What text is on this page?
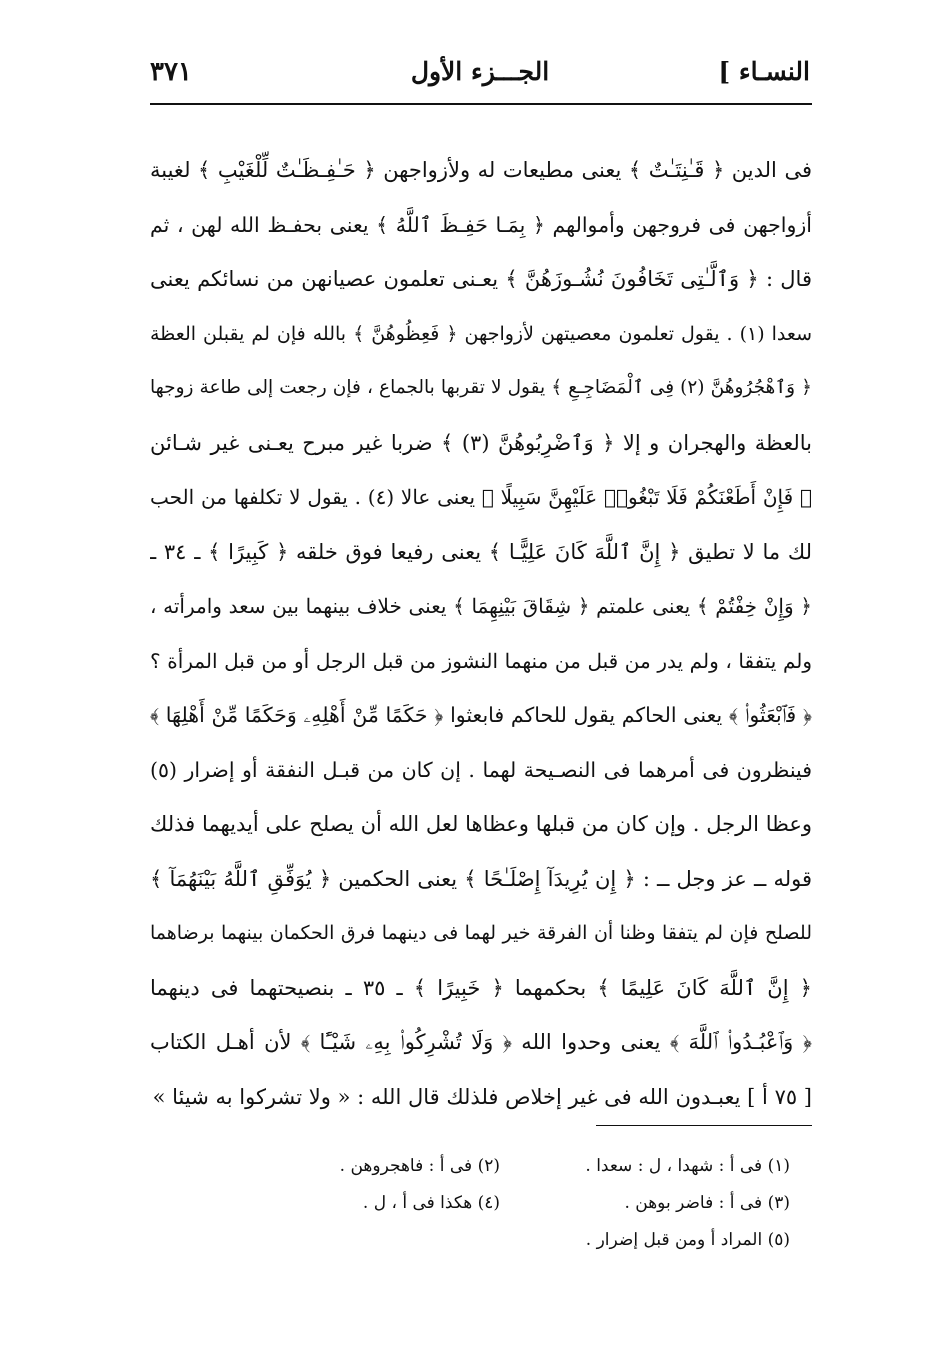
النسـاء ]
الجـــزء الأول
٣٧١
فى الدين ﴿ قَـٰنِتَـٰتٌ ﴾ يعنى مطيعات له ولأزواجهن ﴿ حَـٰفِـظَـٰتٌ لِّلْغَيْبِ ﴾ لغيبة
أزواجهن فى فروجهن وأموالهم ﴿ بِمَـا حَفِـظَ ٱللَّهُ ﴾ يعنى بحفـظ الله لهن ، ثم
قال : ﴿ وَٱلَّـٰتِى تَخَافُونَ نُشُـوزَهُنَّ ﴾ يعـنى تعلمون عصيانهن من نسائكم يعنى
سعدا (١) . يقول تعلمون معصيتهن لأزواجهن ﴿ فَعِظُوهُنَّ ﴾ بالله فإن لم يقبلن العظة
﴿ وَٱهْجُرُوهُنَّ (٢) فِى ٱلْمَضَاجِـعِ ﴾ يقول لا تقربها بالجماع ، فإن رجعت إلى طاعة زوجها
بالعظة والهجران و إلا ﴿ وَٱضْرِبُوهُنَّ (٣) ﴾ ضربا غير مبرح يعـنى غير شـائن
﴿ فَإِنْ أَطَعْنَكُمْ فَلَا تَبْغُوا۟ عَلَيْهِنَّ سَبِيلًا ﴾ يعنى عالا (٤) . يقول لا تكلفها من الحب
لك ما لا تطيق ﴿ إِنَّ ٱللَّهَ كَانَ عَلِيًّـا ﴾ يعنى رفيعا فوق خلقه ﴿ كَبِيرًا ﴾ ـ ٣٤ ـ
﴿ وَإِنْ خِفْتُمْ ﴾ يعنى علمتم ﴿ شِقَاقَ بَيْنِهِمَا ﴾ يعنى خلاف بينهما بين سعد وامرأته ،
ولم يتفقا ، ولم يدر من قبل من منهما النشوز من قبل الرجل أو من قبل المرأة ؟
﴿ فَٱبْعَثُوا۟ ﴾ يعنى الحاكم يقول للحاكم فابعثوا ﴿ حَكَمًا مِّنْ أَهْلِهِۦ وَحَكَمًا مِّنْ أَهْلِهَا ﴾
فينظرون فى أمرهما فى النصـيحة لهما . إن كان من قبـل النفقة أو إضرار (٥)
وعظا الرجل . وإن كان من قبلها وعظاها لعل الله أن يصلح على أيديهما فذلك
قوله ــ عز وجل ــ : ﴿ إِن يُرِيدَآ إِصْلَـٰحًا ﴾ يعنى الحكمين ﴿ يُوَفِّقِ ٱللَّهُ بَيْنَهُمَآ ﴾
للصلح فإن لم يتفقا وظنا أن الفرقة خير لهما فى دينهما فرق الحكمان بينهما برضاهما
﴿ إِنَّ ٱللَّهَ كَانَ عَلِيمًا ﴾ بحكمهما ﴿ خَبِيرًا ﴾ ـ ٣٥ ـ بنصيحتهما فى دينهما
﴿ وَٱعْبُـدُوا۟ ٱللَّهَ ﴾ يعنى وحدوا الله ﴿ وَلَا تُشْرِكُوا۟ بِهِۦ شَيْـًٔا ﴾ لأن أهـل الكتاب
[ ٧٥ أ ] يعبـدون الله فى غير إخلاص فلذلك قال الله : « ولا تشركوا به شيئا »
(١) فى أ : شهدا ، ل : سعدا .
(٢) فى أ : فاهجروهن .
(٣) فى أ : فاضر بوهن .
(٤) هكذا فى أ ، ل .
(٥) المراد أ ومن قبل إضرار .
